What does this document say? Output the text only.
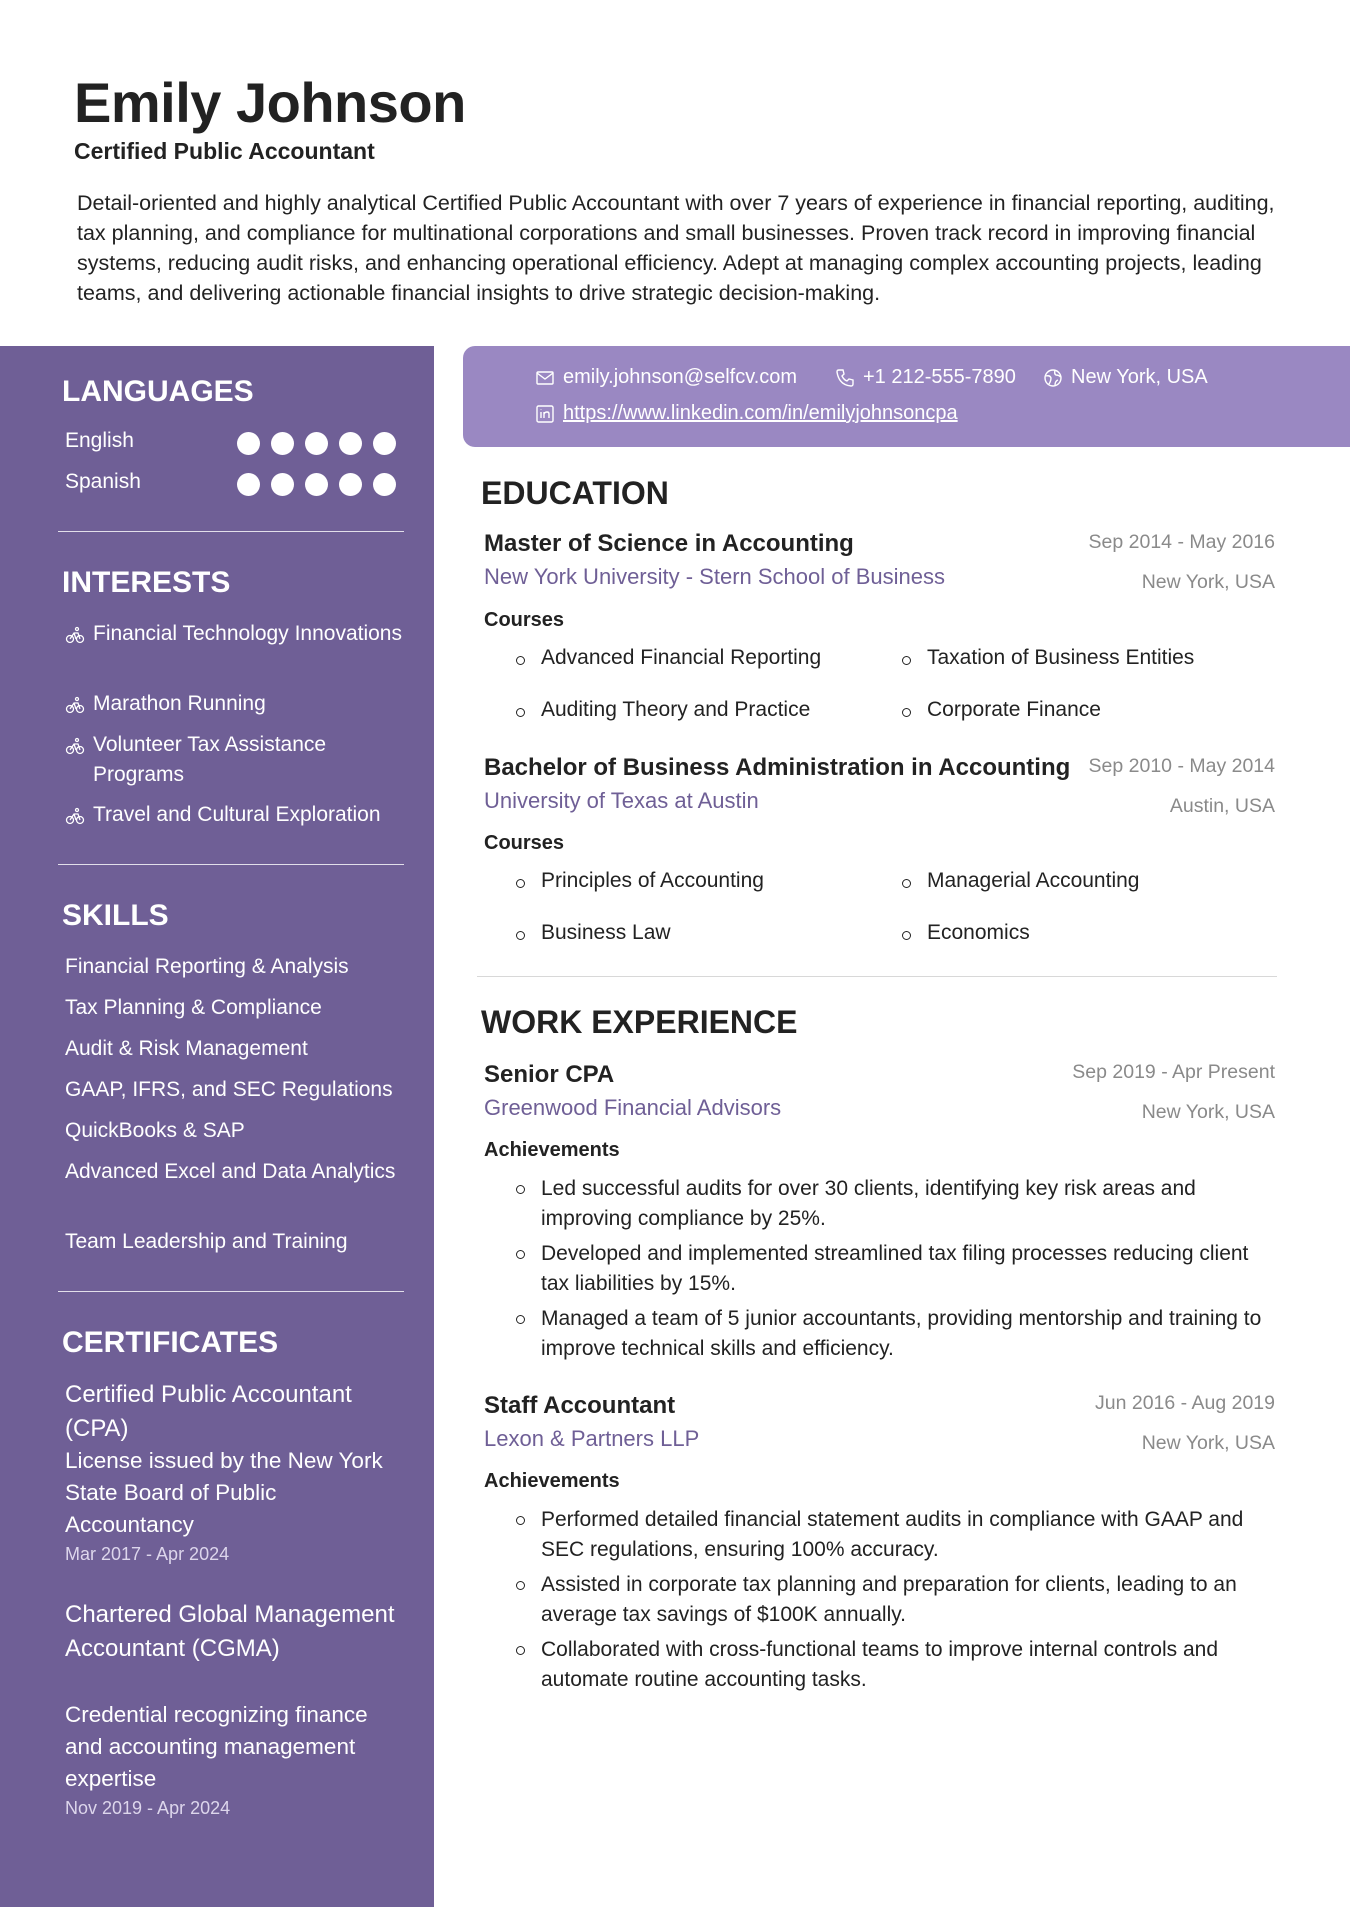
Emily Johnson
Certified Public Accountant
Detail-oriented and highly analytical Certified Public Accountant with over 7 years of experience in financial reporting, auditing, tax planning, and compliance for multinational corporations and small businesses. Proven track record in improving financial systems, reducing audit risks, and enhancing operational efficiency. Adept at managing complex accounting projects, leading teams, and delivering actionable financial insights to drive strategic decision-making.
LANGUAGES
English
Spanish
INTERESTS
Financial Technology Innovations
Marathon Running
Volunteer Tax Assistance Programs
Travel and Cultural Exploration
SKILLS
Financial Reporting & Analysis
Tax Planning & Compliance
Audit & Risk Management
GAAP, IFRS, and SEC Regulations
QuickBooks & SAP
Advanced Excel and Data Analytics
Team Leadership and Training
CERTIFICATES
Certified Public Accountant (CPA)
License issued by the New York State Board of Public Accountancy
Mar 2017 - Apr 2024
Chartered Global Management Accountant (CGMA)
Credential recognizing finance and accounting management expertise
Nov 2019 - Apr 2024
emily.johnson@selfcv.com	+1 212-555-7890	New York, USA
https://www.linkedin.com/in/emilyjohnsoncpa
EDUCATION
Master of Science in Accounting	Sep 2014 - May 2016
New York University - Stern School of Business	New York, USA
Courses
Advanced Financial Reporting	Taxation of Business Entities
Auditing Theory and Practice	Corporate Finance
Bachelor of Business Administration in Accounting Sep 2010 - May 2014
University of Texas at Austin	Austin, USA
Courses
Principles of Accounting	Managerial Accounting
Business Law	Economics
WORK EXPERIENCE
Senior CPA	Sep 2019 - Apr Present
Greenwood Financial Advisors	New York, USA
Achievements
Led successful audits for over 30 clients, identifying key risk areas and improving compliance by 25%.
Developed and implemented streamlined tax filing processes reducing client tax liabilities by 15%.
Managed a team of 5 junior accountants, providing mentorship and training to improve technical skills and efficiency.
Staff Accountant	Jun 2016 - Aug 2019
Lexon & Partners LLP	New York, USA
Achievements
Performed detailed financial statement audits in compliance with GAAP and SEC regulations, ensuring 100% accuracy.
Assisted in corporate tax planning and preparation for clients, leading to an average tax savings of $100K annually.
Collaborated with cross-functional teams to improve internal controls and automate routine accounting tasks.
